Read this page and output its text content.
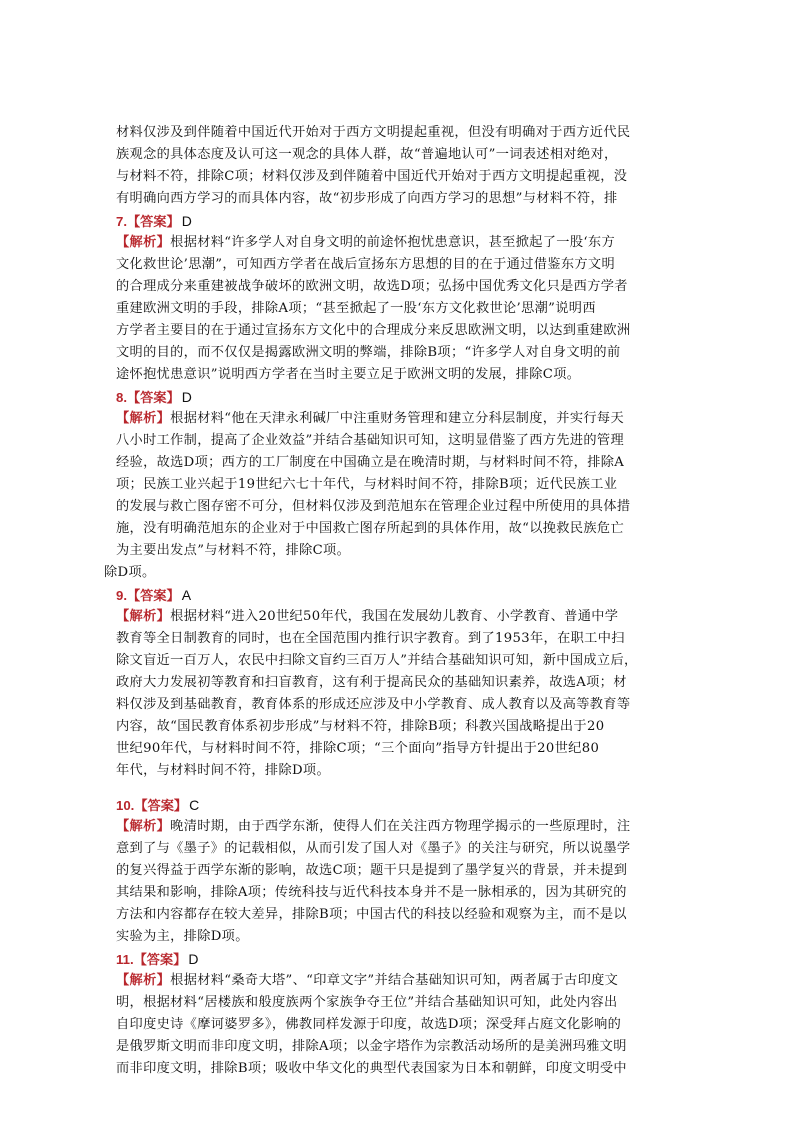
材料仅涉及到伴随着中国近代开始对于西方文明提起重视，但没有明确对于西方近代民
族观念的具体态度及认可这一观念的具体人群，故“普遍地认可”一词表述相对绝对，
与材料不符，排除C项；材料仅涉及到伴随着中国近代开始对于西方文明提起重视，没
有明确向西方学习的而具体内容，故“初步形成了向西方学习的思想”与材料不符，排
7.【答案】 D
【解析】根据材料“许多学人对自身文明的前途怀抱忧患意识，甚至掀起了一股‘东方
文化救世论’思潮”，可知西方学者在战后宣扬东方思想的目的在于通过借鉴东方文明
的合理成分来重建被战争破坏的欧洲文明，故选D项；弘扬中国优秀文化只是西方学者
重建欧洲文明的手段，排除A项；“甚至掀起了一股‘东方文化救世论’思潮”说明西
方学者主要目的在于通过宣扬东方文化中的合理成分来反思欧洲文明，以达到重建欧洲
文明的目的，而不仅仅是揭露欧洲文明的弊端，排除B项；“许多学人对自身文明的前
途怀抱忧患意识”说明西方学者在当时主要立足于欧洲文明的发展，排除C项。
8.【答案】 D
【解析】根据材料“他在天津永利碱厂中注重财务管理和建立分科层制度，并实行每天
八小时工作制，提高了企业效益”并结合基础知识可知，这明显借鉴了西方先进的管理
经验，故选D项；西方的工厂制度在中国确立是在晚清时期，与材料时间不符，排除A
项；民族工业兴起于19世纪六七十年代，与材料时间不符，排除B项；近代民族工业
的发展与救亡图存密不可分，但材料仅涉及到范旭东在管理企业过程中所使用的具体措
施，没有明确范旭东的企业对于中国救亡图存所起到的具体作用，故“以挽救民族危亡
为主要出发点”与材料不符，排除C项。
除D项。
9.【答案】 A
【解析】根据材料“进入20世纪50年代，我国在发展幼儿教育、小学教育、普通中学
教育等全日制教育的同时，也在全国范围内推行识字教育。到了1953年，在职工中扫
除文盲近一百万人，农民中扫除文盲约三百万人”并结合基础知识可知，新中国成立后，
政府大力发展初等教育和扫盲教育，这有利于提高民众的基础知识素养，故选A项；材
料仅涉及到基础教育，教育体系的形成还应涉及中小学教育、成人教育以及高等教育等
内容，故“国民教育体系初步形成”与材料不符，排除B项；科教兴国战略提出于20
世纪90年代，与材料时间不符，排除C项；“三个面向”指导方针提出于20世纪80
年代，与材料时间不符，排除D项。
10.【答案】 C
【解析】晚清时期，由于西学东渐，使得人们在关注西方物理学揭示的一些原理时，注
意到了与《墨子》的记载相似，从而引发了国人对《墨子》的关注与研究，所以说墨学
的复兴得益于西学东渐的影响，故选C项；题干只是提到了墨学复兴的背景，并未提到
其结果和影响，排除A项；传统科技与近代科技本身并不是一脉相承的，因为其研究的
方法和内容都存在较大差异，排除B项；中国古代的科技以经验和观察为主，而不是以
实验为主，排除D项。
11.【答案】 D
【解析】根据材料“桑奇大塔”、“印章文字”并结合基础知识可知，两者属于古印度文
明，根据材料“居楼族和般度族两个家族争夺王位”并结合基础知识可知，此处内容出
自印度史诗《摩诃婆罗多》，佛教同样发源于印度，故选D项；深受拜占庭文化影响的
是俄罗斯文明而非印度文明，排除A项；以金字塔作为宗教活动场所的是美洲玛雅文明
而非印度文明，排除B项；吸收中华文化的典型代表国家为日本和朝鲜，印度文明受中
